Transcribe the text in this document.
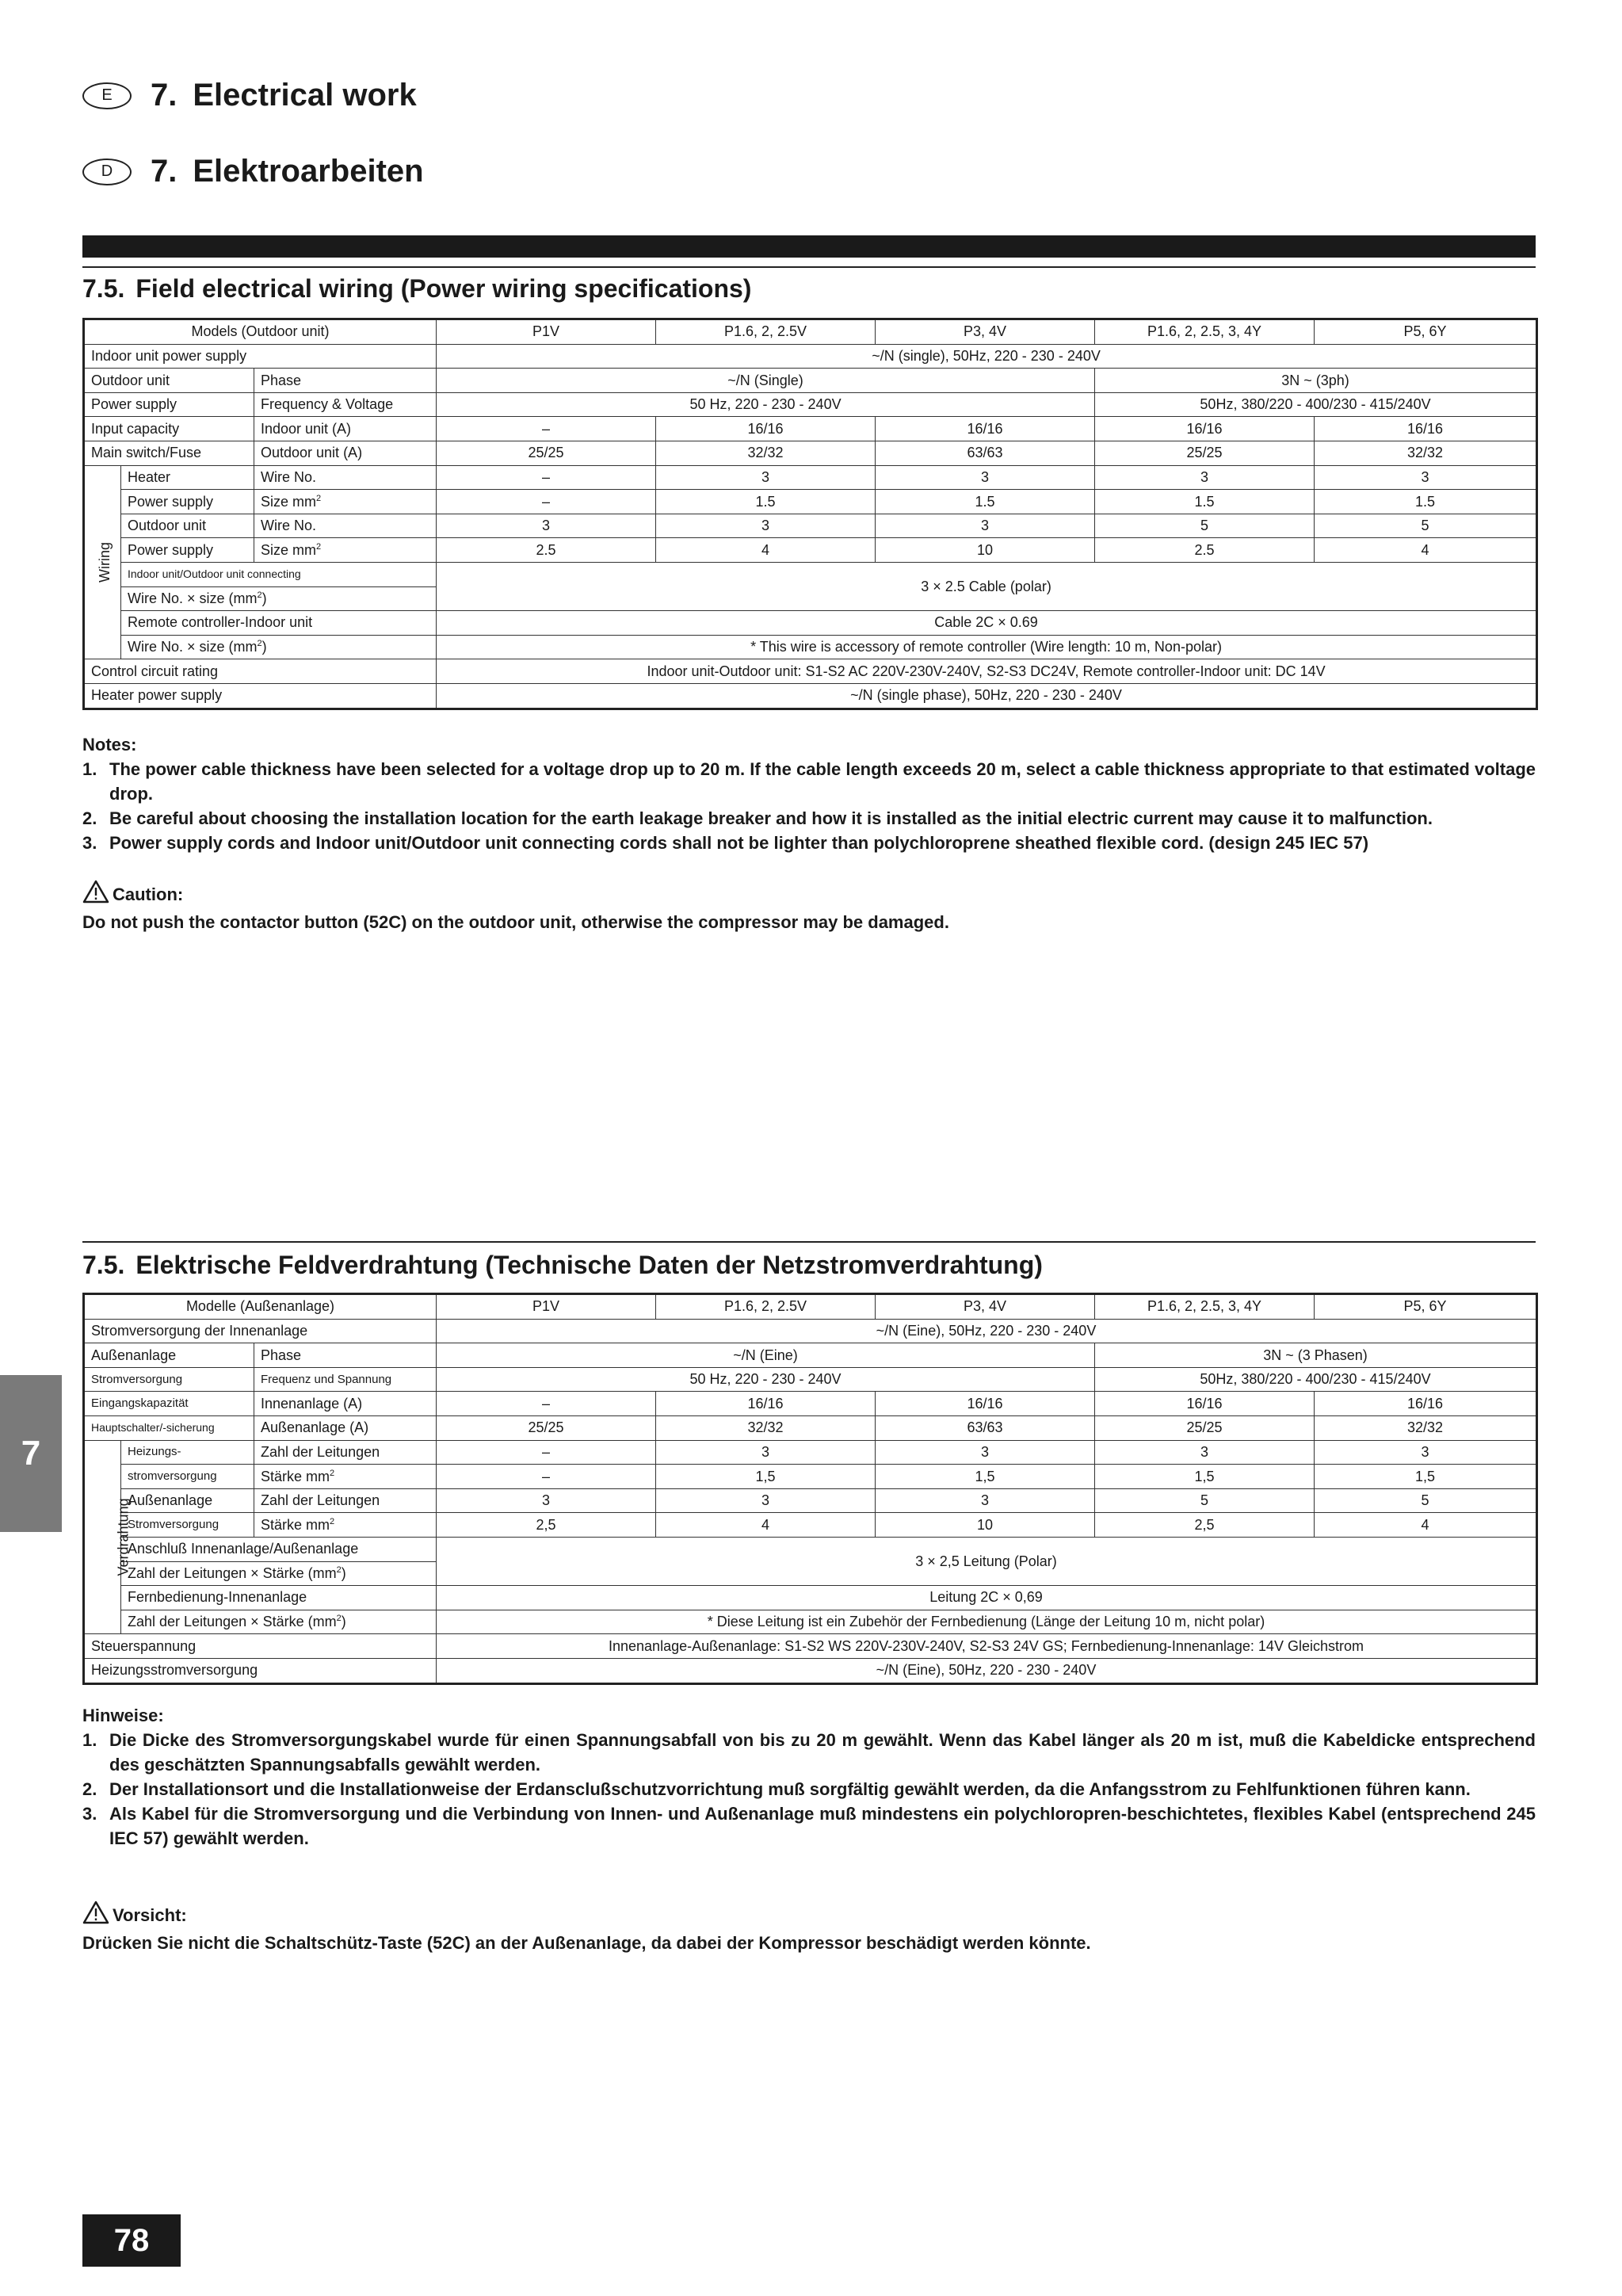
E	7. Electrical work
D	7. Elektroarbeiten
7.5. Field electrical wiring (Power wiring specifications)
Models (Outdoor unit)			P1V	P1.6, 2, 2.5V	P3, 4V	P1.6, 2, 2.5, 3, 4Y	P5, 6Y
Indoor unit power supply			~/N (single), 50Hz, 220 - 230 - 240V				
Outdoor unit		Phase	~/N (Single)			3N ~ (3ph)	
Power supply		Frequency & Voltage	50 Hz, 220 - 230 - 240V			50Hz, 380/220 - 400/230 - 415/240V	
Input capacity		Indoor unit (A)	–	16/16	16/16	16/16	16/16
Main switch/Fuse		Outdoor unit (A)	25/25	32/32	63/63	25/25	32/32
Wiring	Heater	Wire No.	–	3	3	3	3
	Power supply	Size $mm^2$	–	1.5	1.5	1.5	1.5
	Outdoor unit	Wire No.	3	3	3	5	5
	Power supply	Size $mm^2$	2.5	4	10	2.5	4
	Indoor unit/Outdoor unit connecting		3 × 2.5 Cable (polar)				
	Wire No. × size $(mm^2)$						
	Remote controller-Indoor unit		Cable 2C × 0.69				
	Wire No. × size $(mm^2)$		* This wire is accessory of remote controller (Wire length: 10 m, Non-polar)				
Control circuit rating			Indoor unit-Outdoor unit: S1-S2 AC 220V-230V-240V, S2-S3 DC24V, Remote controller-Indoor unit: DC 14V				
Heater power supply			~/N (single phase), 50Hz, 220 - 230 - 240V				
Notes:
1. The power cable thickness have been selected for a voltage drop up to 20 m. If the cable length exceeds 20 m, select a cable thickness appropriate to that estimated voltage drop.
2. Be careful about choosing the installation location for the earth leakage breaker and how it is installed as the initial electric current may cause it to malfunction.
3. Power supply cords and Indoor unit/Outdoor unit connecting cords shall not be lighter than polychloroprene sheathed flexible cord. (design 245 IEC 57)
Caution:
Do not push the contactor button (52C) on the outdoor unit, otherwise the compressor may be damaged.
7.5. Elektrische Feldverdrahtung (Technische Daten der Netzstromverdrahtung)
Modelle (Außenanlage)			P1V	P1.6, 2, 2.5V	P3, 4V	P1.6, 2, 2.5, 3, 4Y	P5, 6Y
Stromversorgung der Innenanlage			~/N (Eine), 50Hz, 220 - 230 - 240V				
Außenanlage		Phase	~/N (Eine)			3N ~ (3 Phasen)	
Stromversorgung		Frequenz und Spannung	50 Hz, 220 - 230 - 240V			50Hz, 380/220 - 400/230 - 415/240V	
Eingangskapazität		Innenanlage (A)	–	16/16	16/16	16/16	16/16
Hauptschalter/-sicherung		Außenanlage (A)	25/25	32/32	63/63	25/25	32/32
Verdrahtung	Heizungs-	Zahl der Leitungen	–	3	3	3	3
	stromversorgung	Stärke $mm^2$	–	1,5	1,5	1,5	1,5
	Außenanlage	Zahl der Leitungen	3	3	3	5	5
	Stromversorgung	Stärke $mm^2$	2,5	4	10	2,5	4
	Anschluß Innenanlage/Außenanlage		3 × 2,5 Leitung (Polar)				
	Zahl der Leitungen × Stärke $(mm^2)$						
	Fernbedienung-Innenanlage		Leitung 2C × 0,69				
	Zahl der Leitungen × Stärke $(mm^2)$		* Diese Leitung ist ein Zubehör der Fernbedienung (Länge der Leitung 10 m, nicht polar)				
Steuerspannung			Innenanlage-Außenanlage: S1-S2 WS 220V-230V-240V, S2-S3 24V GS; Fernbedienung-Innenanlage: 14V Gleichstrom				
Heizungsstromversorgung			~/N (Eine), 50Hz, 220 - 230 - 240V				
Hinweise:
1. Die Dicke des Stromversorgungskabel wurde für einen Spannungsabfall von bis zu 20 m gewählt. Wenn das Kabel länger als 20 m ist, muß die Kabeldicke entsprechend des geschätzten Spannungsabfalls gewählt werden.
2. Der Installationsort und die Installationweise der Erdansclußschutzvorrichtung muß sorgfältig gewählt werden, da die Anfangsstrom zu Fehlfunktionen führen kann.
3. Als Kabel für die Stromversorgung und die Verbindung von Innen- und Außenanlage muß mindestens ein polychloropren-beschichtetes, flexibles Kabel (entsprechend 245 IEC 57) gewählt werden.
Vorsicht:
Drücken Sie nicht die Schaltschütz-Taste (52C) an der Außenanlage, da dabei der Kompressor beschädigt werden könnte.
7
78
